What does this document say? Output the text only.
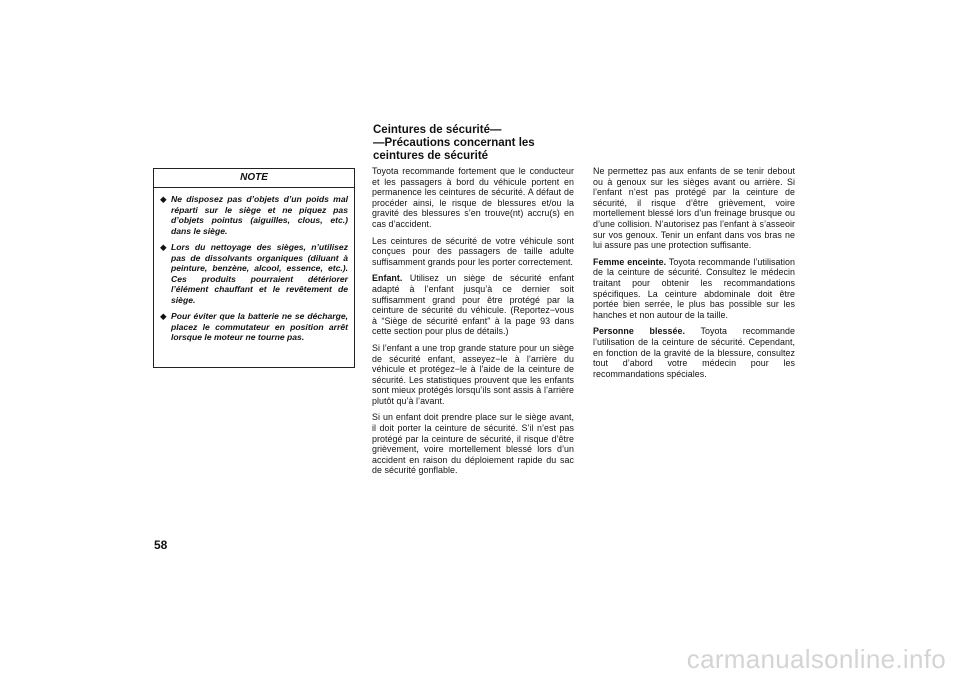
NOTE
◆ Ne disposez pas d’objets d’un poids mal réparti sur le siège et ne piquez pas d’objets pointus (aiguilles, clous, etc.) dans le siège.
◆ Lors du nettoyage des sièges, n’utilisez pas de dissolvants organiques (diluant à peinture, benzène, alcool, essence, etc.). Ces produits pourraient détériorer l’élément chauffant et le revêtement de siège.
◆ Pour éviter que la batterie ne se décharge, placez le commutateur en position arrêt lorsque le moteur ne tourne pas.
Ceintures de sécurité—
—Précautions concernant les
ceintures de sécurité

Toyota recommande fortement que le conducteur et les passagers à bord du véhicule portent en permanence les ceintures de sécurité. A défaut de procéder ainsi, le risque de blessures et/ou la gravité des blessures s’en trouve(nt) accru(s) en cas d’accident.

Les ceintures de sécurité de votre véhicule sont conçues pour des passagers de taille adulte suffisamment grands pour les porter correctement.

Enfant. Utilisez un siège de sécurité enfant adapté à l’enfant jusqu’à ce dernier soit suffisamment grand pour être protégé par la ceinture de sécurité du véhicule. (Reportez−vous à “Siège de sécurité enfant” à la page 93 dans cette section pour plus de détails.)

Si l’enfant a une trop grande stature pour un siège de sécurité enfant, asseyez−le à l’arrière du véhicule et protégez−le à l’aide de la ceinture de sécurité. Les statistiques prouvent que les enfants sont mieux protégés lorsqu’ils sont assis à l’arrière plutôt qu’à l’avant.

Si un enfant doit prendre place sur le siège avant, il doit porter la ceinture de sécurité. S’il n’est pas protégé par la ceinture de sécurité, il risque d’être grièvement, voire mortellement blessé lors d’un accident en raison du déploiement rapide du sac de sécurité gonflable.

Ne permettez pas aux enfants de se tenir debout ou à genoux sur les sièges avant ou arrière. Si l’enfant n’est pas protégé par la ceinture de sécurité, il risque d’être grièvement, voire mortellement blessé lors d’un freinage brusque ou d’une collision. N’autorisez pas l’enfant à s’asseoir sur vos genoux. Tenir un enfant dans vos bras ne lui assure pas une protection suffisante.

Femme enceinte. Toyota recommande l’utilisation de la ceinture de sécurité. Consultez le médecin traitant pour obtenir les recommandations spécifiques. La ceinture abdominale doit être portée bien serrée, le plus bas possible sur les hanches et non autour de la taille.

Personne blessée. Toyota recommande l’utilisation de la ceinture de sécurité. Cependant, en fonction de la gravité de la blessure, consultez tout d’abord votre médecin pour les recommandations spéciales.

58
carmanualsonline.info
